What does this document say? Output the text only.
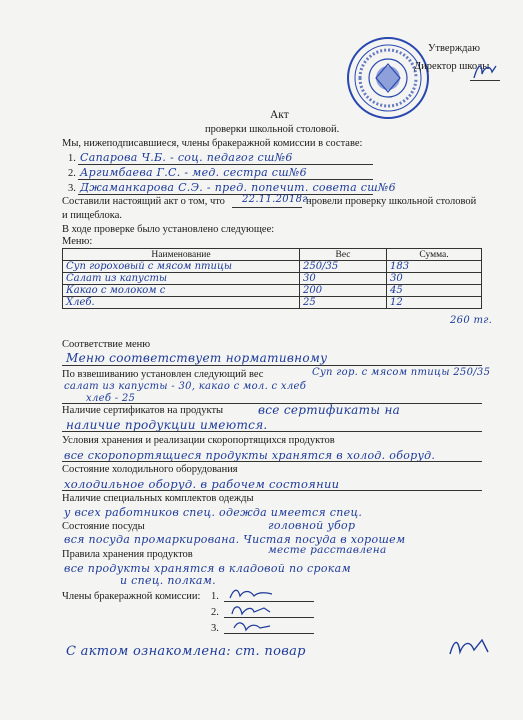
Утверждаю
Директор школы
Акт
проверки школьной столовой.
Мы, нижеподписавшиеся, члены бракеражной комиссии в составе:
1. Сапарова Ч.Б. - соц. педагог сш№6
2. Аргимбаева Г.С. - мед. сестра сш№6
3. Джаманкарова С.Э. - пред. попечит. совета сш№6
Составили настоящий акт о том, что 22.11.2018г.
провели проверку школьной столовой
и пищеблока.
В ходе проверке было установлено следующее:
Меню:
Наименование	Вес	Сумма.
Суп гороховый с мясом птицы	250/35	183
Салат из капусты	30	30
Какао с молоком с	200	45
Хлеб.	25	12
260 тг.
Соответствие меню
Меню соответствует нормативному
По взвешиванию установлен следующий вес	Суп гор. с мясом птицы 250/35
салат из капусты - 30, какао с мол. с хлеб
хлеб - 25
Наличие сертификатов на продукты	все сертификаты на
наличие продукции имеются.
Условия хранения и реализации скоропортящихся продуктов
все скоропортящиеся продукты хранятся в холод. оборуд.
Состояние холодильного оборудования
холодильное оборуд. в рабочем состоянии
Наличие специальных комплектов одежды
у всех работников спец. одежда имеется спец.
головной убор
Состояние посуды
вся посуда промаркирована. Чистая посуда в хорошем
месте расставлена
Правила хранения продуктов
все продукты хранятся в кладовой по срокам
и спец. полкам.
Члены бракеражной комиссии: 1.
2.
3.
С актом ознакомлена: ст. повар
